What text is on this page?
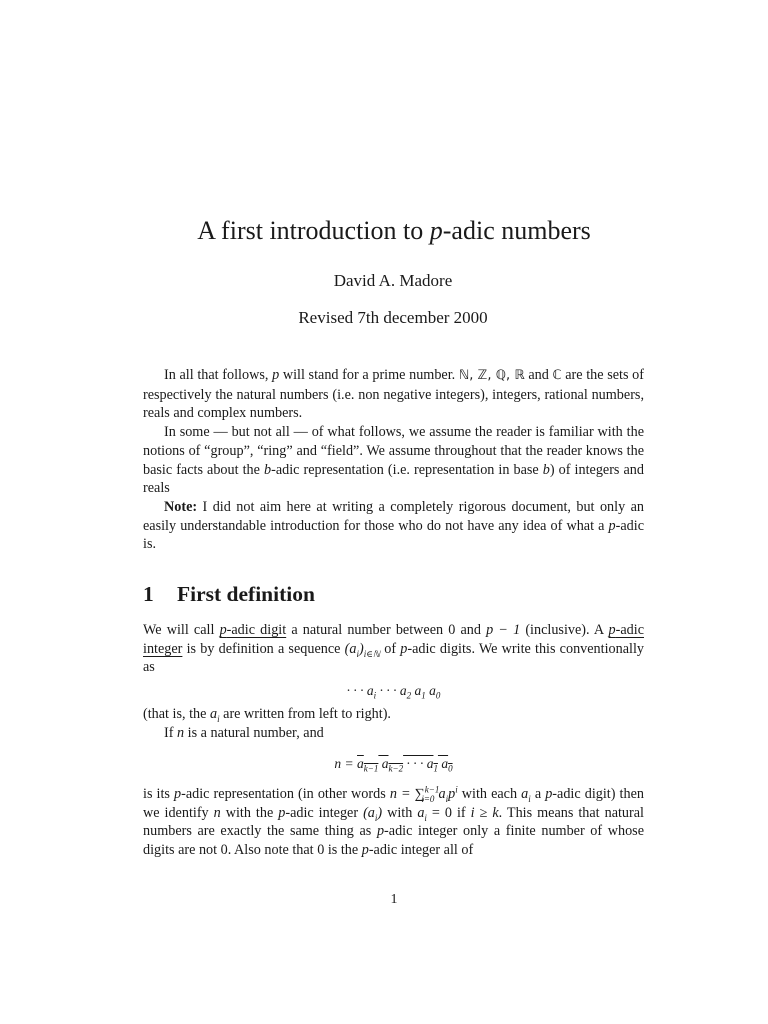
A first introduction to p-adic numbers
David A. Madore
Revised 7th december 2000

In all that follows, p will stand for a prime number. ℕ, ℤ, ℚ, ℝ and ℂ are the sets of respectively the natural numbers (i.e. non negative integers), integers, rational numbers, reals and complex numbers.

In some — but not all — of what follows, we assume the reader is familiar with the notions of “group”, “ring” and “field”. We assume throughout that the reader knows the basic facts about the b-adic representation (i.e. representation in base b) of integers and reals

Note: I did not aim here at writing a completely rigorous document, but only an easily understandable introduction for those who do not have any idea of what a p-adic is.

1 First definition

We will call p-adic digit a natural number between 0 and p − 1 (inclusive). A p-adic integer is by definition a sequence $(a_i)_{i\in ℕ}$ of p-adic digits. We write this conventionally as

· · · $a_i$ · · · $a_2$ $a_1$ $a_0$

(that is, the $a_i$ are written from left to right).

If n is a natural number, and

$n = a_{k-1}$ $a_{k-2}$ · · · $a_1$ $a_0$

is its p-adic representation (in other words n = ∑$^{k-1}_{i=0}$ $a_ip^i$ with each $a_i$ a p-adic digit) then we identify n with the p-adic integer $(a_i)$ with $a_i = 0$ if i ≥ k. This means that natural numbers are exactly the same thing as p-adic integer only a finite number of whose digits are not 0. Also note that 0 is the p-adic integer all of

1
